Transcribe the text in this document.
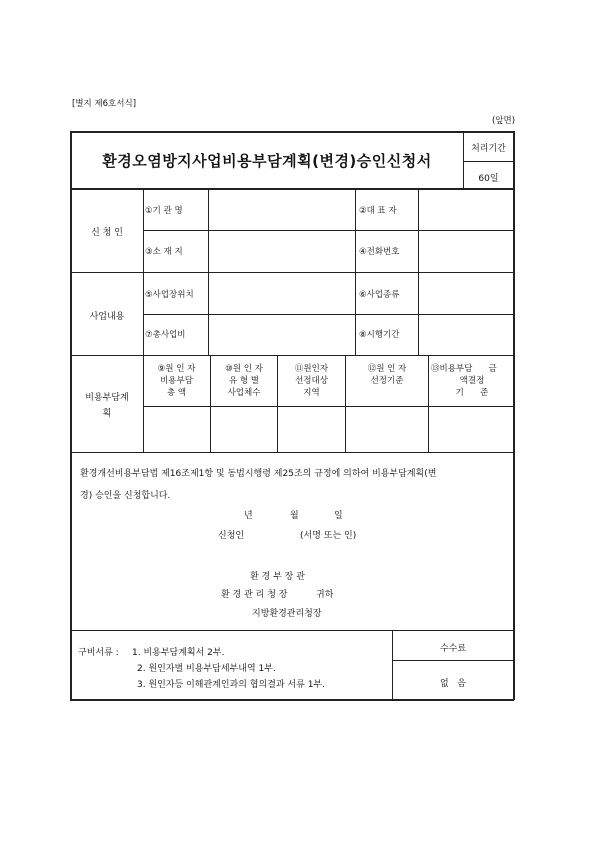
[별지 제6호서식]
(앞면)
환경오염방지사업비용부담계획(변경)승인신청서
처리기간
60일
신 청 인
①기 관 명	②대 표 자
③소 재 지	④전화번호
사업내용
⑤사업장위치	⑥사업종류
⑦총사업비	⑧시행기간
비용부담계
획
⑨원 인 자
비용부담
총 액
⑩원 인 자
유 형 별
사업체수
⑪원인자
선정대상
지역
⑫원 인 자
선정기준
⑬비용부담      금
액결정
기      준
환경개선비용부담법 제16조제1항 및 동법시행령 제25조의 규정에 의하여 비용부담계획(변
경) 승인을 신청합니다.
년	월	일
신청인	(서명 또는 인)
환 경 부 장 관
환 경 관 리 청 장	귀하
지방환경관리청장
구비서류 : 1. 비용부담계획서 2부.
2. 원인자별 비용부담세부내역 1부.
3. 원인자등 이해관계인과의 협의결과 서류 1부.
수수료
없   음
